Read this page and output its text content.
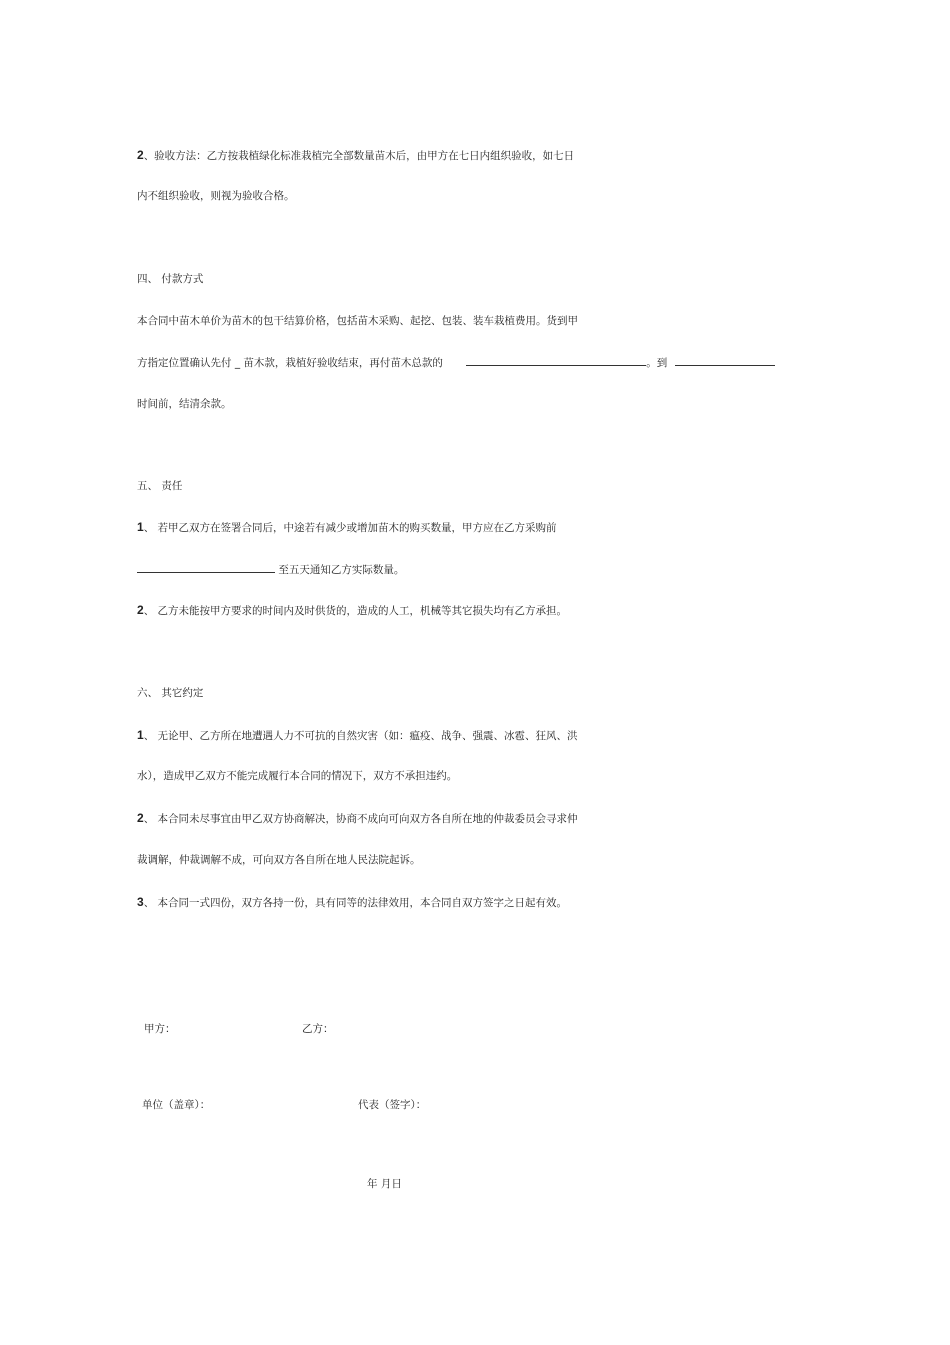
2、验收方法：乙方按栽植绿化标准栽植完全部数量苗木后，由甲方在七日内组织验收，如七日
内不组织验收，则视为验收合格。
四、 付款方式
本合同中苗木单价为苗木的包干结算价格，包括苗木采购、起挖、包装、装车栽植费用。货到甲
方指定位置确认先付 _ 苗木款，栽植好验收结束，再付苗木总款的	。到
时间前，结清余款。
五、 责任
1、 若甲乙双方在签署合同后，中途若有减少或增加苗木的购买数量，甲方应在乙方采购前
至五天通知乙方实际数量。
2、 乙方未能按甲方要求的时间内及时供货的，造成的人工，机械等其它损失均有乙方承担。
六、 其它约定
1、 无论甲、乙方所在地遭遇人力不可抗的自然灾害（如：瘟疫、战争、强震、冰雹、狂风、洪
水），造成甲乙双方不能完成履行本合同的情况下，双方不承担违约。
2、 本合同未尽事宜由甲乙双方协商解决，协商不成向可向双方各自所在地的仲裁委员会寻求仲
裁调解，仲裁调解不成，可向双方各自所在地人民法院起诉。
3、 本合同一式四份，双方各持一份，具有同等的法律效用，本合同自双方签字之日起有效。
甲方：	乙方：
单位（盖章）：	代表（签字）：
年 月日
